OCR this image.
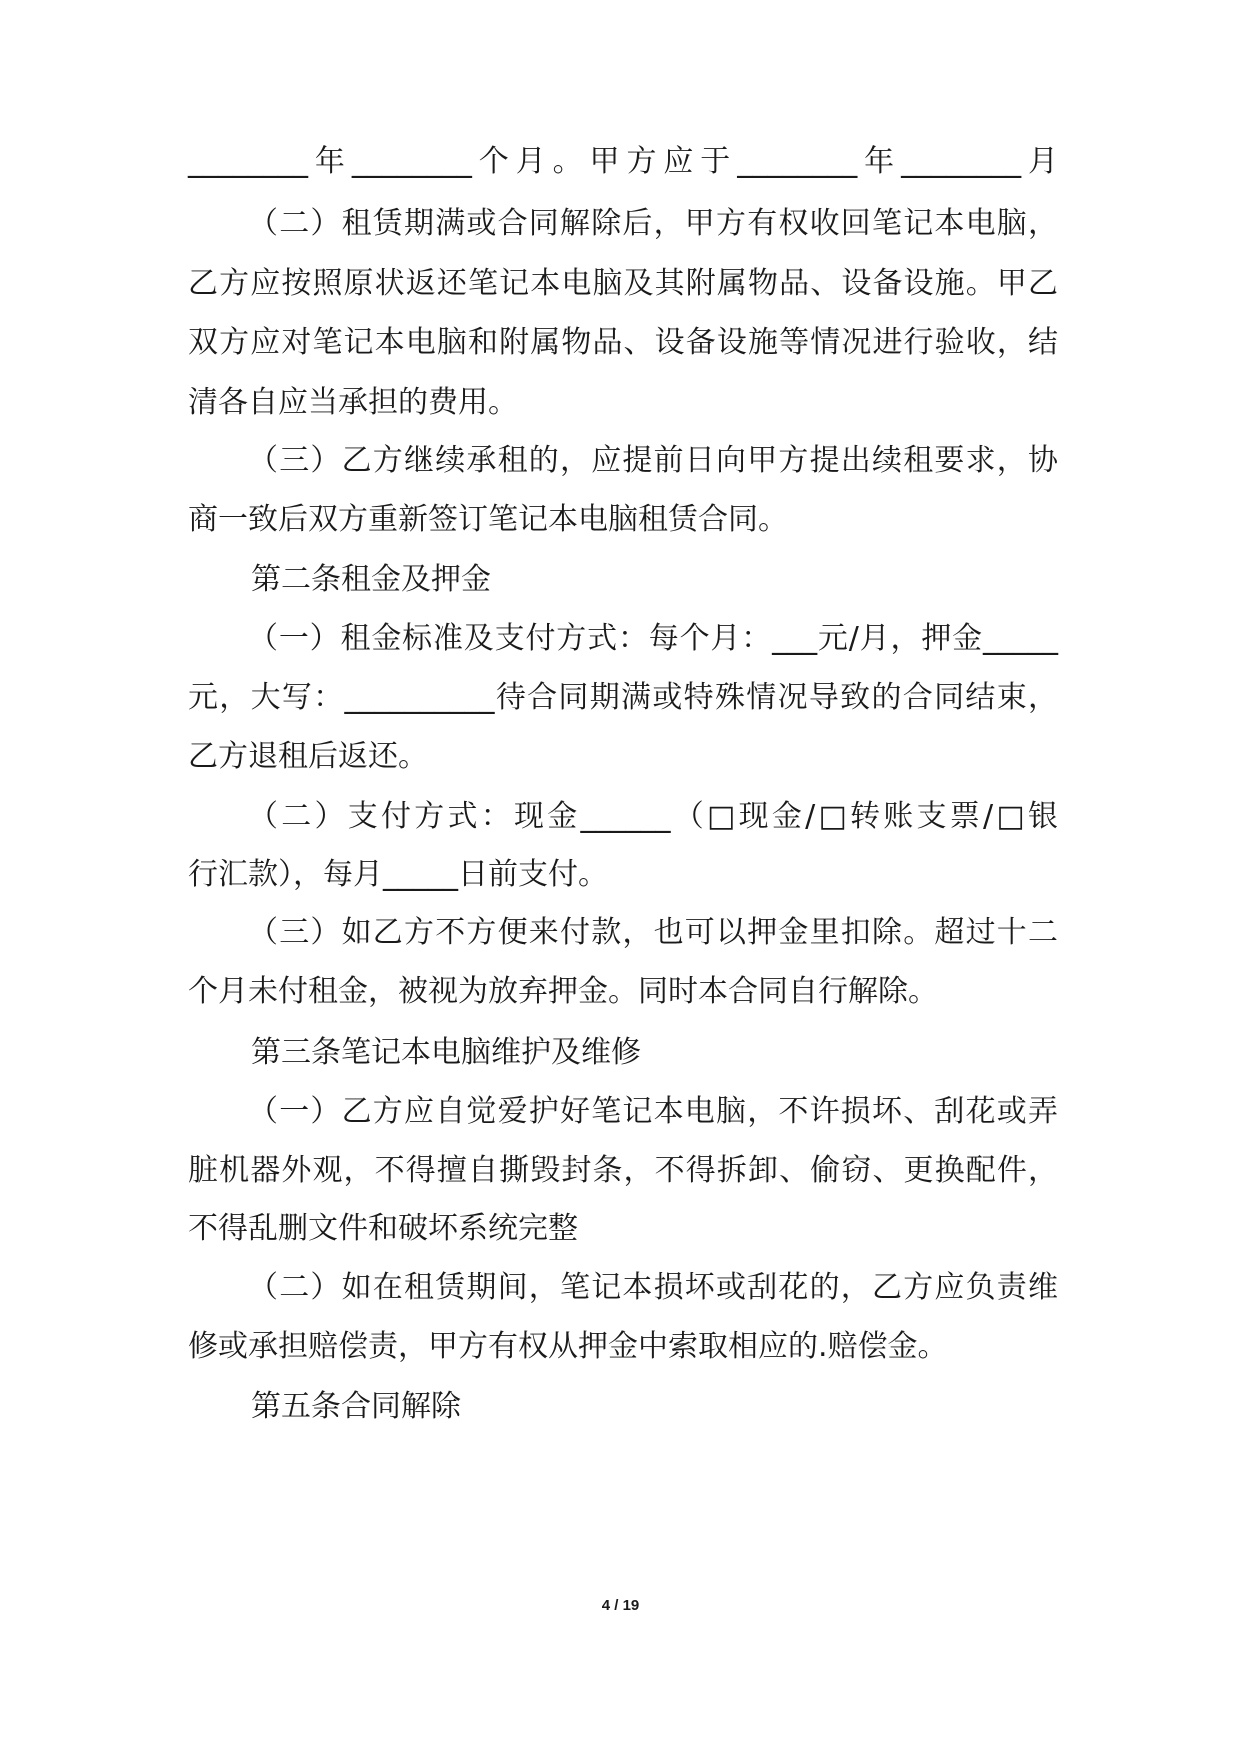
________年________个月。甲方应于________年________月
（二）租赁期满或合同解除后，甲方有权收回笔记本电脑，
乙方应按照原状返还笔记本电脑及其附属物品、设备设施。甲乙
双方应对笔记本电脑和附属物品、设备设施等情况进行验收，结
清各自应当承担的费用。
（三）乙方继续承租的，应提前日向甲方提出续租要求，协
商一致后双方重新签订笔记本电脑租赁合同。
第二条租金及押金
（一）租金标准及支付方式：每个月：___元/月，押金_____
元，大写：__________待合同期满或特殊情况导致的合同结束，
乙方退租后返还。
（二）支付方式：现金______（□现金/□转账支票/□银
行汇款），每月_____日前支付。
（三）如乙方不方便来付款，也可以押金里扣除。超过十二
个月未付租金，被视为放弃押金。同时本合同自行解除。
第三条笔记本电脑维护及维修
（一）乙方应自觉爱护好笔记本电脑，不许损坏、刮花或弄
脏机器外观，不得擅自撕毁封条，不得拆卸、偷窃、更换配件，
不得乱删文件和破坏系统完整
（二）如在租赁期间，笔记本损坏或刮花的，乙方应负责维
修或承担赔偿责，甲方有权从押金中索取相应的.赔偿金。
第五条合同解除
4 / 19
